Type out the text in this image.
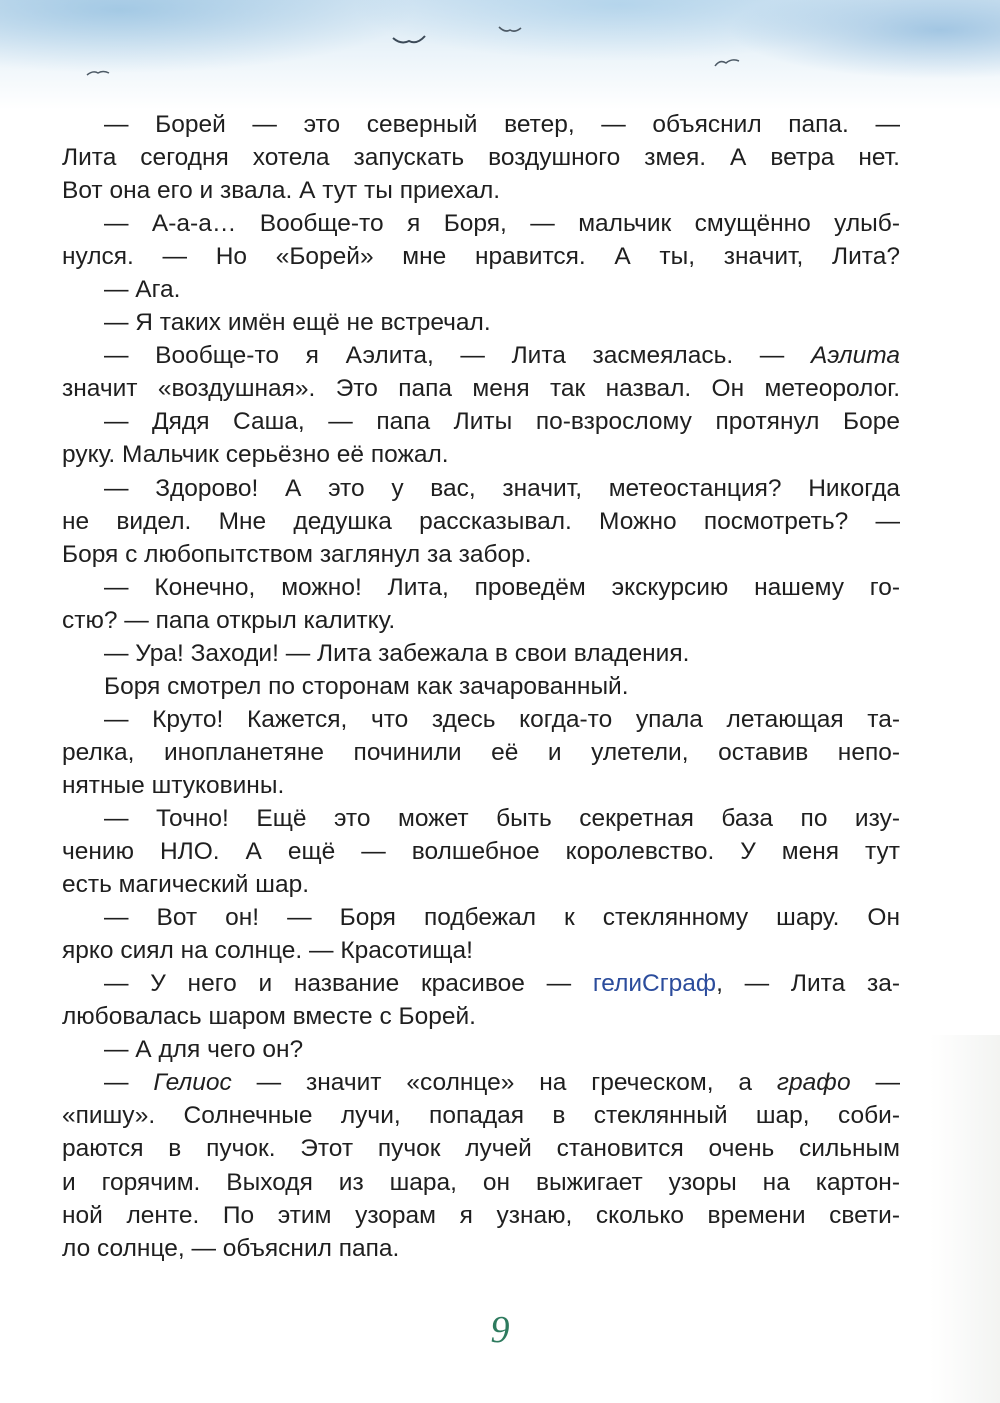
— Борей — это северный ветер, — объяснил папа. —
Лита сегодня хотела запускать воздушного змея. А ветра нет.
Вот она его и звала. А тут ты приехал.
— А-а-а… Вообще-то я Боря, — мальчик смущённо улыб-
нулся. — Но «Борей» мне нравится. А ты, значит, Лита?
— Ага.
— Я таких имён ещё не встречал.
— Вообще-то я Аэлита, — Лита засмеялась. — Аэлита
значит «воздушная». Это папа меня так назвал. Он метеоролог.
— Дядя Саша, — папа Литы по-взрослому протянул Боре
руку. Мальчик серьёзно её пожал.
— Здорово! А это у вас, значит, метеостанция? Никогда
не видел. Мне дедушка рассказывал. Можно посмотреть? —
Боря с любопытством заглянул за забор.
— Конечно, можно! Лита, проведём экскурсию нашему го-
стю? — папа открыл калитку.
— Ура! Заходи! — Лита забежала в свои владения.
Боря смотрел по сторонам как зачарованный.
— Круто! Кажется, что здесь когда-то упала летающая та-
релка, инопланетяне починили её и улетели, оставив непо-
нятные штуковины.
— Точно! Ещё это может быть секретная база по изу-
чению НЛО. А ещё — волшебное королевство. У меня тут
есть магический шар.
— Вот он! — Боря подбежал к стеклянному шару. Он
ярко сиял на солнце. — Красотища!
— У него и название красивое — гелиСграф, — Лита за-
любовалась шаром вместе с Борей.
— А для чего он?
— Гелиос — значит «солнце» на греческом, а графо —
«пишу». Солнечные лучи, попадая в стеклянный шар, соби-
раются в пучок. Этот пучок лучей становится очень сильным
и горячим. Выходя из шара, он выжигает узоры на картон-
ной ленте. По этим узорам я узнаю, сколько времени свети-
ло солнце, — объяснил папа.
9
